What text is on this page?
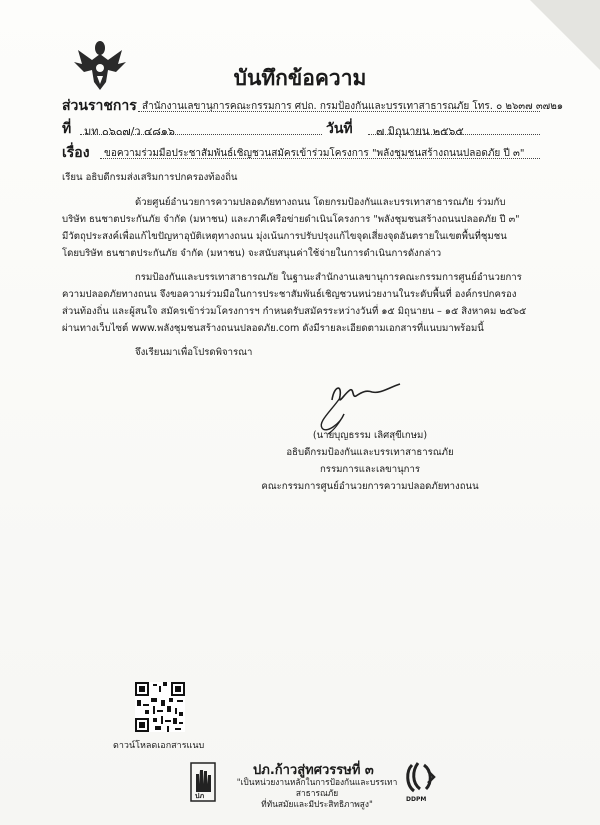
บันทึกข้อความ
ส่วนราชการ สำนักงานเลขานุการคณะกรรมการ ศปถ. กรมป้องกันและบรรเทาสาธารณภัย โทร. ๐ ๒๖๓๗ ๓๗๒๑
ที่ มท ๐๖๐๗/ว ๔๘๑๖	วันที่ ๗ มิถุนายน ๒๕๖๕
เรื่อง ขอความร่วมมือประชาสัมพันธ์เชิญชวนสมัครเข้าร่วมโครงการ "พลังชุมชนสร้างถนนปลอดภัย ปี ๓"
เรียน อธิบดีกรมส่งเสริมการปกครองท้องถิ่น
ด้วยศูนย์อำนวยการความปลอดภัยทางถนน โดยกรมป้องกันและบรรเทาสาธารณภัย ร่วมกับ
บริษัท ธนชาตประกันภัย จำกัด (มหาชน) และภาคีเครือข่ายดำเนินโครงการ "พลังชุมชนสร้างถนนปลอดภัย ปี ๓"
มีวัตถุประสงค์เพื่อแก้ไขปัญหาอุบัติเหตุทางถนน มุ่งเน้นการปรับปรุงแก้ไขจุดเสี่ยงจุดอันตรายในเขตพื้นที่ชุมชน
โดยบริษัท ธนชาตประกันภัย จำกัด (มหาชน) จะสนับสนุนค่าใช้จ่ายในการดำเนินการดังกล่าว
กรมป้องกันและบรรเทาสาธารณภัย ในฐานะสำนักงานเลขานุการคณะกรรมการศูนย์อำนวยการ
ความปลอดภัยทางถนน จึงขอความร่วมมือในการประชาสัมพันธ์เชิญชวนหน่วยงานในระดับพื้นที่ องค์กรปกครอง
ส่วนท้องถิ่น และผู้สนใจ สมัครเข้าร่วมโครงการฯ กำหนดรับสมัครระหว่างวันที่ ๑๕ มิถุนายน – ๑๕ สิงหาคม ๒๕๖๕
ผ่านทางเว็บไซต์ www.พลังชุมชนสร้างถนนปลอดภัย.com ดังมีรายละเอียดตามเอกสารที่แนบมาพร้อมนี้
จึงเรียนมาเพื่อโปรดพิจารณา
(นายบุญธรรม เลิศสุขีเกษม)
อธิบดีกรมป้องกันและบรรเทาสาธารณภัย
กรรมการและเลขานุการ
คณะกรรมการศูนย์อำนวยการความปลอดภัยทางถนน
ดาวน์โหลดเอกสารแนบ
ปภ
ปภ.ก้าวสู่ทศวรรษที่ ๓
"เป็นหน่วยงานหลักในการป้องกันและบรรเทาสาธารณภัย
ที่ทันสมัยและมีประสิทธิภาพสูง"	DDPM
